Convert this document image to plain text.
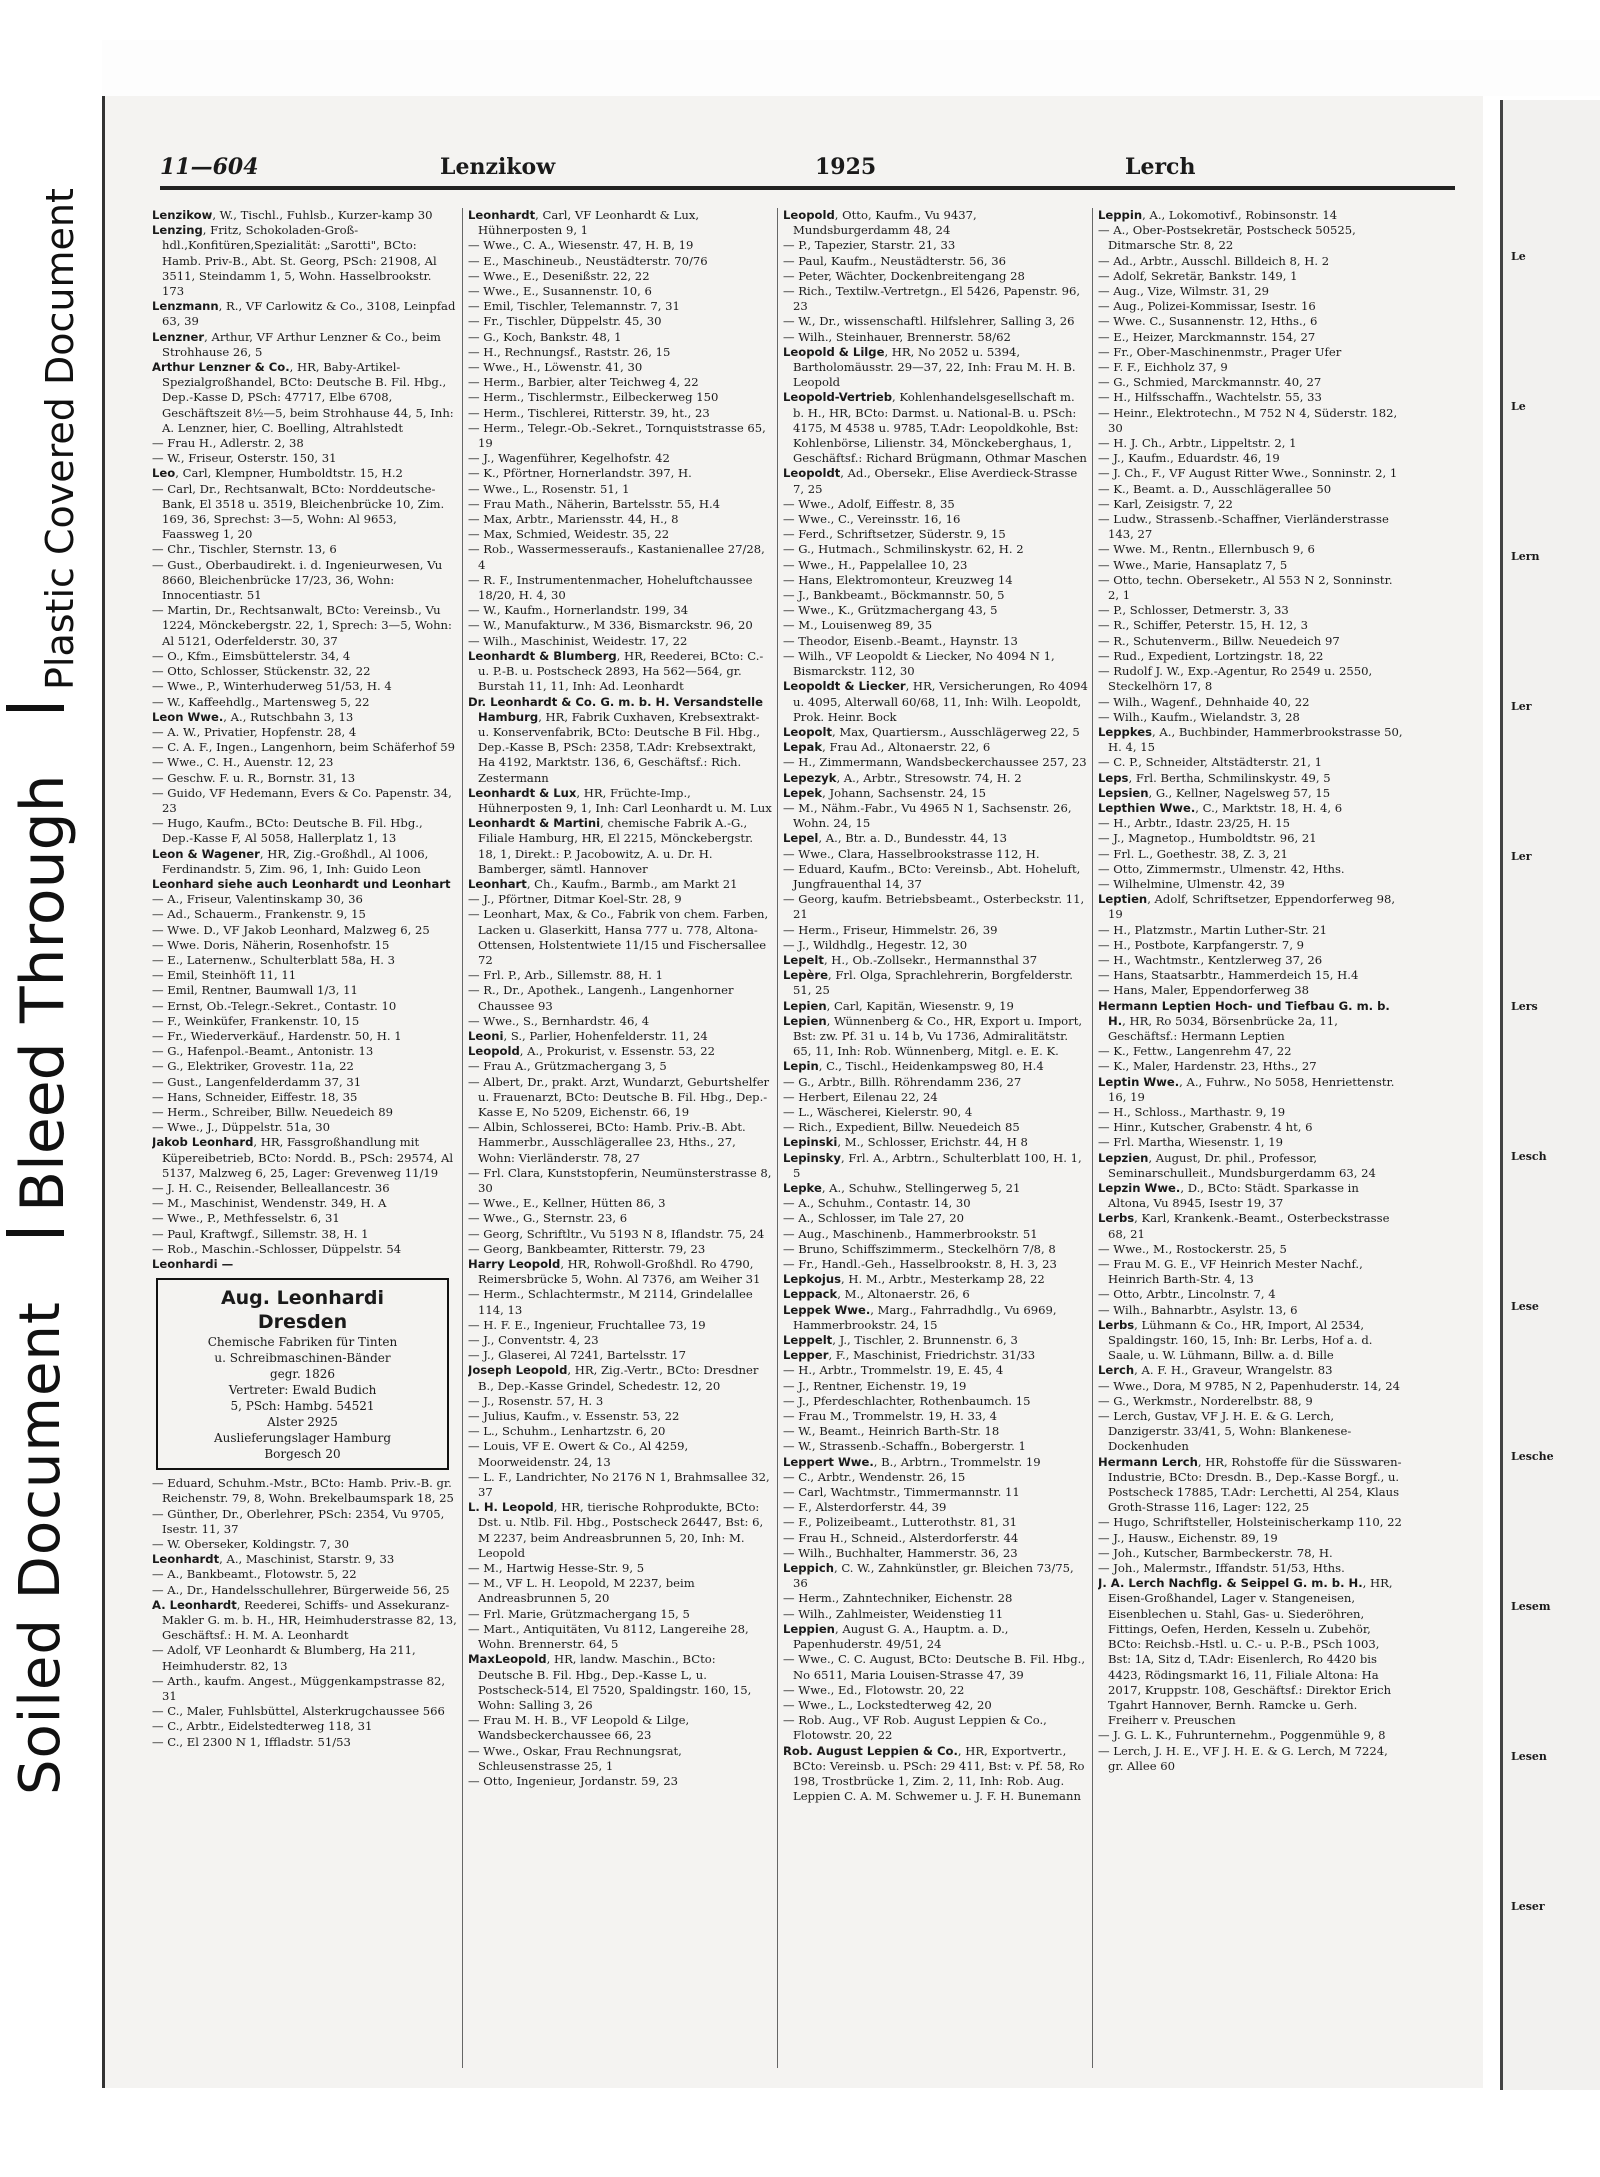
Soiled Document
Bleed Through
Plastic Covered Document
11—604	Lenzikow	1925	Lerch

Lenzikow, W., Tischl., Fuhlsb., Kurzer-kamp 30

Lenzing, Fritz, Schokoladen-Groß-hdl.,Konfitüren,Spezialität: „Sarotti", BCto: Hamb. Priv-B., Abt. St. Georg, PSch: 21908, Al 3511, Steindamm 1, 5, Wohn. Hasselbrookstr. 173

Lenzmann, R., VF Carlowitz & Co., 3108, Leinpfad 63, 39

Lenzner, Arthur, VF Arthur Lenzner & Co., beim Strohhause 26, 5

Arthur Lenzner & Co., HR, Baby-Artikel-Spezialgroßhandel, BCto: Deutsche B. Fil. Hbg., Dep.-Kasse D, PSch: 47717, Elbe 6708, Geschäftszeit 8½—5, beim Strohhause 44, 5, Inh: A. Lenzner, hier, C. Boelling, Altrahlstedt

— Frau H., Adlerstr. 2, 38

— W., Friseur, Osterstr. 150, 31

Leo, Carl, Klempner, Humboldtstr. 15, H.2

— Carl, Dr., Rechtsanwalt, BCto: Norddeutsche-Bank, El 3518 u. 3519, Bleichenbrücke 10, Zim. 169, 36, Sprechst: 3—5, Wohn: Al 9653, Faassweg 1, 20

— Chr., Tischler, Sternstr. 13, 6

— Gust., Oberbaudirekt. i. d. Ingenieurwesen, Vu 8660, Bleichenbrücke 17/23, 36, Wohn: Innocentiastr. 51

— Martin, Dr., Rechtsanwalt, BCto: Vereinsb., Vu 1224, Mönckebergstr. 22, 1, Sprech: 3—5, Wohn: Al 5121, Oderfelderstr. 30, 37

— O., Kfm., Eimsbüttelerstr. 34, 4

— Otto, Schlosser, Stückenstr. 32, 22

— Wwe., P., Winterhuderweg 51/53, H. 4

— W., Kaffeehdlg., Martensweg 5, 22

Leon Wwe., A., Rutschbahn 3, 13

— A. W., Privatier, Hopfenstr. 28, 4

— C. A. F., Ingen., Langenhorn, beim Schäferhof 59

— Wwe., C. H., Auenstr. 12, 23

— Geschw. F. u. R., Bornstr. 31, 13

— Guido, VF Hedemann, Evers & Co. Papenstr. 34, 23

— Hugo, Kaufm., BCto: Deutsche B. Fil. Hbg., Dep.-Kasse F, Al 5058, Hallerplatz 1, 13

Leon & Wagener, HR, Zig.-Großhdl., Al 1006, Ferdinandstr. 5, Zim. 96, 1, Inh: Guido Leon

Leonhard siehe auch Leonhardt und Leonhart

— A., Friseur, Valentinskamp 30, 36

— Ad., Schauerm., Frankenstr. 9, 15

— Wwe. D., VF Jakob Leonhard, Malzweg 6, 25

— Wwe. Doris, Näherin, Rosenhofstr. 15

— E., Laternenw., Schulterblatt 58a, H. 3

— Emil, Steinhöft 11, 11

— Emil, Rentner, Baumwall 1/3, 11

— Ernst, Ob.-Telegr.-Sekret., Contastr. 10

— F., Weinküfer, Frankenstr. 10, 15

— Fr., Wiederverkäuf., Hardenstr. 50, H. 1

— G., Hafenpol.-Beamt., Antonistr. 13

— G., Elektriker, Grovestr. 11a, 22

— Gust., Langenfelderdamm 37, 31

— Hans, Schneider, Eiffestr. 18, 35

— Herm., Schreiber, Billw. Neuedeich 89

— Wwe., J., Düppelstr. 51a, 30

Jakob Leonhard, HR, Fassgroßhandlung mit Küpereibetrieb, BCto: Nordd. B., PSch: 29574, Al 5137, Malzweg 6, 25, Lager: Grevenweg 11/19

— J. H. C., Reisender, Belleallancestr. 36

— M., Maschinist, Wendenstr. 349, H. A

— Wwe., P., Methfesselstr. 6, 31

— Paul, Kraftwgf., Sillemstr. 38, H. 1

— Rob., Maschin.-Schlosser, Düppelstr. 54

Leonhardi —

Aug. Leonhardi
Dresden
Chemische Fabriken für Tinten
u. Schreibmaschinen-Bänder
gegr. 1826
Vertreter: Ewald Budich
5, PSch: Hambg. 54521
Alster 2925
Auslieferungslager Hamburg
Borgesch 20

— Eduard, Schuhm.-Mstr., BCto: Hamb. Priv.-B. gr. Reichenstr. 79, 8, Wohn. Brekelbaumspark 18, 25

— Günther, Dr., Oberlehrer, PSch: 2354, Vu 9705, Isestr. 11, 37

— W. Oberseker, Koldingstr. 7, 30

Leonhardt, A., Maschinist, Starstr. 9, 33

— A., Bankbeamt., Flotowstr. 5, 22

— A., Dr., Handelsschullehrer, Bürgerweide 56, 25

A. Leonhardt, Reederei, Schiffs- und Assekuranz-Makler G. m. b. H., HR, Heimhuderstrasse 82, 13, Geschäftsf.: H. M. A. Leonhardt

— Adolf, VF Leonhardt & Blumberg, Ha 211, Heimhuderstr. 82, 13

— Arth., kaufm. Angest., Müggenkampstrasse 82, 31

— C., Maler, Fuhlsbüttel, Alsterkrugchaussee 566

— C., Arbtr., Eidelstedterweg 118, 31

— C., El 2300 N 1, Iffladstr. 51/53

Leonhardt, Carl, VF Leonhardt & Lux, Hühnerposten 9, 1

— Wwe., C. A., Wiesenstr. 47, H. B, 19

— E., Maschineub., Neustädterstr. 70/76

— Wwe., E., Desenißstr. 22, 22

— Wwe., E., Susannenstr. 10, 6

— Emil, Tischler, Telemannstr. 7, 31

— Fr., Tischler, Düppelstr. 45, 30

— G., Koch, Bankstr. 48, 1

— H., Rechnungsf., Raststr. 26, 15

— Wwe., H., Löwenstr. 41, 30

— Herm., Barbier, alter Teichweg 4, 22

— Herm., Tischlermstr., Eilbeckerweg 150

— Herm., Tischlerei, Ritterstr. 39, ht., 23

— Herm., Telegr.-Ob.-Sekret., Tornquiststrasse 65, 19

— J., Wagenführer, Kegelhofstr. 42

— K., Pförtner, Hornerlandstr. 397, H.

— Wwe., L., Rosenstr. 51, 1

— Frau Math., Näherin, Bartelsstr. 55, H.4

— Max, Arbtr., Mariensstr. 44, H., 8

— Max, Schmied, Weidestr. 35, 22

— Rob., Wassermesseraufs., Kastanienallee 27/28, 4

— R. F., Instrumentenmacher, Hoheluftchaussee 18/20, H. 4, 30

— W., Kaufm., Hornerlandstr. 199, 34

— W., Manufakturw., M 336, Bismarckstr. 96, 20

— Wilh., Maschinist, Weidestr. 17, 22

Leonhardt & Blumberg, HR, Reederei, BCto: C.- u. P.-B. u. Postscheck 2893, Ha 562—564, gr. Burstah 11, 11, Inh: Ad. Leonhardt

Dr. Leonhardt & Co. G. m. b. H. Versandstelle Hamburg, HR, Fabrik Cuxhaven, Krebsextrakt- u. Konservenfabrik, BCto: Deutsche B Fil. Hbg., Dep.-Kasse B, PSch: 2358, T.Adr: Krebsextrakt, Ha 4192, Marktstr. 136, 6, Geschäftsf.: Rich. Zestermann

Leonhardt & Lux, HR, Früchte-Imp., Hühnerposten 9, 1, Inh: Carl Leonhardt u. M. Lux

Leonhardt & Martini, chemische Fabrik A.-G., Filiale Hamburg, HR, El 2215, Mönckebergstr. 18, 1, Direkt.: P. Jacobowitz, A. u. Dr. H. Bamberger, sämtl. Hannover

Leonhart, Ch., Kaufm., Barmb., am Markt 21

— J., Pförtner, Ditmar Koel-Str. 28, 9

— Leonhart, Max, & Co., Fabrik von chem. Farben, Lacken u. Glaserkitt, Hansa 777 u. 778, Altona-Ottensen, Holstentwiete 11/15 und Fischersallee 72

— Frl. P., Arb., Sillemstr. 88, H. 1

— R., Dr., Apothek., Langenh., Langenhorner Chaussee 93

— Wwe., S., Bernhardstr. 46, 4

Leoni, S., Parlier, Hohenfelderstr. 11, 24

Leopold, A., Prokurist, v. Essenstr. 53, 22

— Frau A., Grützmachergang 3, 5

— Albert, Dr., prakt. Arzt, Wundarzt, Geburtshelfer u. Frauenarzt, BCto: Deutsche B. Fil. Hbg., Dep.-Kasse E, No 5209, Eichenstr. 66, 19

— Albin, Schlosserei, BCto: Hamb. Priv.-B. Abt. Hammerbr., Ausschlägerallee 23, Hths., 27, Wohn: Vierländerstr. 78, 27

— Frl. Clara, Kunststopferin, Neumünsterstrasse 8, 30

— Wwe., E., Kellner, Hütten 86, 3

— Wwe., G., Sternstr. 23, 6

— Georg, Schriftltr., Vu 5193 N 8, Iflandstr. 75, 24

— Georg, Bankbeamter, Ritterstr. 79, 23

Harry Leopold, HR, Rohwoll-Großhdl. Ro 4790, Reimersbrücke 5, Wohn. Al 7376, am Weiher 31

— Herm., Schlachtermstr., M 2114, Grindelallee 114, 13

— H. F. E., Ingenieur, Fruchtallee 73, 19

— J., Conventstr. 4, 23

— J., Glaserei, Al 7241, Bartelsstr. 17

Joseph Leopold, HR, Zig.-Vertr., BCto: Dresdner B., Dep.-Kasse Grindel, Schedestr. 12, 20

— J., Rosenstr. 57, H. 3

— Julius, Kaufm., v. Essenstr. 53, 22

— L., Schuhm., Lenhartzstr. 6, 20

— Louis, VF E. Owert & Co., Al 4259, Moorweidenstr. 24, 13

— L. F., Landrichter, No 2176 N 1, Brahmsallee 32, 37

L. H. Leopold, HR, tierische Rohprodukte, BCto: Dst. u. Ntlb. Fil. Hbg., Postscheck 26447, Bst: 6, M 2237, beim Andreasbrunnen 5, 20, Inh: M. Leopold

— M., Hartwig Hesse-Str. 9, 5

— M., VF L. H. Leopold, M 2237, beim Andreasbrunnen 5, 20

— Frl. Marie, Grützmachergang 15, 5

— Mart., Antiquitäten, Vu 8112, Langereihe 28, Wohn. Brennerstr. 64, 5

MaxLeopold, HR, landw. Maschin., BCto: Deutsche B. Fil. Hbg., Dep.-Kasse L, u. Postscheck-514, El 7520, Spaldingstr. 160, 15, Wohn: Salling 3, 26

— Frau M. H. B., VF Leopold & Lilge, Wandsbeckerchaussee 66, 23

— Wwe., Oskar, Frau Rechnungsrat, Schleusenstrasse 25, 1

— Otto, Ingenieur, Jordanstr. 59, 23

Leopold, Otto, Kaufm., Vu 9437, Mundsburgerdamm 48, 24

— P., Tapezier, Starstr. 21, 33

— Paul, Kaufm., Neustädterstr. 56, 36

— Peter, Wächter, Dockenbreitengang 28

— Rich., Textilw.-Vertretgn., El 5426, Papenstr. 96, 23

— W., Dr., wissenschaftl. Hilfslehrer, Salling 3, 26

— Wilh., Steinhauer, Brennerstr. 58/62

Leopold & Lilge, HR, No 2052 u. 5394, Bartholomäusstr. 29—37, 22, Inh: Frau M. H. B. Leopold

Leopold-Vertrieb, Kohlenhandelsgesellschaft m. b. H., HR, BCto: Darmst. u. National-B. u. PSch: 4175, M 4538 u. 9785, T.Adr: Leopoldkohle, Bst: Kohlenbörse, Lilienstr. 34, Mönckeberghaus, 1, Geschäftsf.: Richard Brügmann, Othmar Maschen

Leopoldt, Ad., Obersekr., Elise Averdieck-Strasse 7, 25

— Wwe., Adolf, Eiffestr. 8, 35

— Wwe., C., Vereinsstr. 16, 16

— Ferd., Schriftsetzer, Süderstr. 9, 15

— G., Hutmach., Schmilinskystr. 62, H. 2

— Wwe., H., Pappelallee 10, 23

— Hans, Elektromonteur, Kreuzweg 14

— J., Bankbeamt., Böckmannstr. 50, 5

— Wwe., K., Grützmachergang 43, 5

— M., Louisenweg 89, 35

— Theodor, Eisenb.-Beamt., Haynstr. 13

— Wilh., VF Leopoldt & Liecker, No 4094 N 1, Bismarckstr. 112, 30

Leopoldt & Liecker, HR, Versicherungen, Ro 4094 u. 4095, Alterwall 60/68, 11, Inh: Wilh. Leopoldt, Prok. Heinr. Bock

Leopolt, Max, Quartiersm., Ausschlägerweg 22, 5

Lepak, Frau Ad., Altonaerstr. 22, 6

— H., Zimmermann, Wandsbeckerchaussee 257, 23

Lepezyk, A., Arbtr., Stresowstr. 74, H. 2

Lepek, Johann, Sachsenstr. 24, 15

— M., Nähm.-Fabr., Vu 4965 N 1, Sachsenstr. 26, Wohn. 24, 15

Lepel, A., Btr. a. D., Bundesstr. 44, 13

— Wwe., Clara, Hasselbrookstrasse 112, H.

— Eduard, Kaufm., BCto: Vereinsb., Abt. Hoheluft, Jungfrauenthal 14, 37

— Georg, kaufm. Betriebsbeamt., Osterbeckstr. 11, 21

— Herm., Friseur, Himmelstr. 26, 39

— J., Wildhdlg., Hegestr. 12, 30

Lepelt, H., Ob.-Zollsekr., Hermannsthal 37

Lepère, Frl. Olga, Sprachlehrerin, Borgfelderstr. 51, 25

Lepien, Carl, Kapitän, Wiesenstr. 9, 19

Lepien, Wünnenberg & Co., HR, Export u. Import, Bst: zw. Pf. 31 u. 14 b, Vu 1736, Admiralitätstr. 65, 11, Inh: Rob. Wünnenberg, Mitgl. e. E. K.

Lepin, C., Tischl., Heidenkampsweg 80, H.4

— G., Arbtr., Billh. Röhrendamm 236, 27

— Herbert, Eilenau 22, 24

— L., Wäscherei, Kielerstr. 90, 4

— Rich., Expedient, Billw. Neuedeich 85

Lepinski, M., Schlosser, Erichstr. 44, H 8

Lepinsky, Frl. A., Arbtrn., Schulterblatt 100, H. 1, 5

Lepke, A., Schuhw., Stellingerweg 5, 21

— A., Schuhm., Contastr. 14, 30

— A., Schlosser, im Tale 27, 20

— Aug., Maschinenb., Hammerbrookstr. 51

— Bruno, Schiffszimmerm., Steckelhörn 7/8, 8

— Fr., Handl.-Geh., Hasselbrookstr. 8, H. 3, 23

Lepkojus, H. M., Arbtr., Mesterkamp 28, 22

Leppack, M., Altonaerstr. 26, 6

Leppek Wwe., Marg., Fahrradhdlg., Vu 6969, Hammerbrookstr. 24, 15

Leppelt, J., Tischler, 2. Brunnenstr. 6, 3

Lepper, F., Maschinist, Friedrichstr. 31/33

— H., Arbtr., Trommelstr. 19, E. 45, 4

— J., Rentner, Eichenstr. 19, 19

— J., Pferdeschlachter, Rothenbaumch. 15

— Frau M., Trommelstr. 19, H. 33, 4

— W., Beamt., Heinrich Barth-Str. 18

— W., Strassenb.-Schaffn., Bobergerstr. 1

Leppert Wwe., B., Arbtrn., Trommelstr. 19

— C., Arbtr., Wendenstr. 26, 15

— Carl, Wachtmstr., Timmermannstr. 11

— F., Alsterdorferstr. 44, 39

— F., Polizeibeamt., Lutterothstr. 81, 31

— Frau H., Schneid., Alsterdorferstr. 44

— Wilh., Buchhalter, Hammerstr. 36, 23

Leppich, C. W., Zahnkünstler, gr. Bleichen 73/75, 36

— Herm., Zahntechniker, Eichenstr. 28

— Wilh., Zahlmeister, Weidenstieg 11

Leppien, August G. A., Hauptm. a. D., Papenhuderstr. 49/51, 24

— Wwe., C. C. August, BCto: Deutsche B. Fil. Hbg., No 6511, Maria Louisen-Strasse 47, 39

— Wwe., Ed., Flotowstr. 20, 22

— Wwe., L., Lockstedterweg 42, 20

— Rob. Aug., VF Rob. August Leppien & Co., Flotowstr. 20, 22

Rob. August Leppien & Co., HR, Exportvertr., BCto: Vereinsb. u. PSch: 29 411, Bst: v. Pf. 58, Ro 198, Trostbrücke 1, Zim. 2, 11, Inh: Rob. Aug. Leppien C. A. M. Schwemer u. J. F. H. Bunemann

Leppin, A., Lokomotivf., Robinsonstr. 14

— A., Ober-Postsekretär, Postscheck 50525, Ditmarsche Str. 8, 22

— Ad., Arbtr., Ausschl. Billdeich 8, H. 2

— Adolf, Sekretär, Bankstr. 149, 1

— Aug., Vize, Wilmstr. 31, 29

— Aug., Polizei-Kommissar, Isestr. 16

— Wwe. C., Susannenstr. 12, Hths., 6

— E., Heizer, Marckmannstr. 154, 27

— Fr., Ober-Maschinenmstr., Prager Ufer

— F. F., Eichholz 37, 9

— G., Schmied, Marckmannstr. 40, 27

— H., Hilfsschaffn., Wachtelstr. 55, 33

— Heinr., Elektrotechn., M 752 N 4, Süderstr. 182, 30

— H. J. Ch., Arbtr., Lippeltstr. 2, 1

— J., Kaufm., Eduardstr. 46, 19

— J. Ch., F., VF August Ritter Wwe., Sonninstr. 2, 1

— K., Beamt. a. D., Ausschlägerallee 50

— Karl, Zeisigstr. 7, 22

— Ludw., Strassenb.-Schaffner, Vierländerstrasse 143, 27

— Wwe. M., Rentn., Ellernbusch 9, 6

— Wwe., Marie, Hansaplatz 7, 5

— Otto, techn. Oberseketr., Al 553 N 2, Sonninstr. 2, 1

— P., Schlosser, Detmerstr. 3, 33

— R., Schiffer, Peterstr. 15, H. 12, 3

— R., Schutenverm., Billw. Neuedeich 97

— Rud., Expedient, Lortzingstr. 18, 22

— Rudolf J. W., Exp.-Agentur, Ro 2549 u. 2550, Steckelhörn 17, 8

— Wilh., Wagenf., Dehnhaide 40, 22

— Wilh., Kaufm., Wielandstr. 3, 28

Leppkes, A., Buchbinder, Hammerbrookstrasse 50, H. 4, 15

— C. P., Schneider, Altstädterstr. 21, 1

Leps, Frl. Bertha, Schmilinskystr. 49, 5

Lepsien, G., Kellner, Nagelsweg 57, 15

Lepthien Wwe., C., Marktstr. 18, H. 4, 6

— H., Arbtr., Idastr. 23/25, H. 15

— J., Magnetop., Humboldtstr. 96, 21

— Frl. L., Goethestr. 38, Z. 3, 21

— Otto, Zimmermstr., Ulmenstr. 42, Hths.

— Wilhelmine, Ulmenstr. 42, 39

Leptien, Adolf, Schriftsetzer, Eppendorferweg 98, 19

— H., Platzmstr., Martin Luther-Str. 21

— H., Postbote, Karpfangerstr. 7, 9

— H., Wachtmstr., Kentzlerweg 37, 26

— Hans, Staatsarbtr., Hammerdeich 15, H.4

— Hans, Maler, Eppendorferweg 38

Hermann Leptien Hoch- und Tiefbau G. m. b. H., HR, Ro 5034, Börsenbrücke 2a, 11, Geschäftsf.: Hermann Leptien

— K., Fettw., Langenrehm 47, 22

— K., Maler, Hardenstr. 23, Hths., 27

Leptin Wwe., A., Fuhrw., No 5058, Henriettenstr. 16, 19

— H., Schloss., Marthastr. 9, 19

— Hinr., Kutscher, Grabenstr. 4 ht, 6

— Frl. Martha, Wiesenstr. 1, 19

Lepzien, August, Dr. phil., Professor, Seminarschulleit., Mundsburgerdamm 63, 24

Lepzin Wwe., D., BCto: Städt. Sparkasse in Altona, Vu 8945, Isestr 19, 37

Lerbs, Karl, Krankenk.-Beamt., Osterbeckstrasse 68, 21

— Wwe., M., Rostockerstr. 25, 5

— Frau M. G. E., VF Heinrich Mester Nachf., Heinrich Barth-Str. 4, 13

— Otto, Arbtr., Lincolnstr. 7, 4

— Wilh., Bahnarbtr., Asylstr. 13, 6

Lerbs, Lühmann & Co., HR, Import, Al 2534, Spaldingstr. 160, 15, Inh: Br. Lerbs, Hof a. d. Saale, u. W. Lühmann, Billw. a. d. Bille

Lerch, A. F. H., Graveur, Wrangelstr. 83

— Wwe., Dora, M 9785, N 2, Papenhuderstr. 14, 24

— G., Werkmstr., Norderelbstr. 88, 9

— Lerch, Gustav, VF J. H. E. & G. Lerch, Danzigerstr. 33/41, 5, Wohn: Blankenese-Dockenhuden

Hermann Lerch, HR, Rohstoffe für die Süsswaren-Industrie, BCto: Dresdn. B., Dep.-Kasse Borgf., u. Postscheck 17885, T.Adr: Lerchetti, Al 254, Klaus Groth-Strasse 116, Lager: 122, 25

— Hugo, Schriftsteller, Holsteinischerkamp 110, 22

— J., Hausw., Eichenstr. 89, 19

— Joh., Kutscher, Barmbeckerstr. 78, H.

— Joh., Malermstr., Iffandstr. 51/53, Hths.

J. A. Lerch Nachflg. & Seippel G. m. b. H., HR, Eisen-Großhandel, Lager v. Stangeneisen, Eisenblechen u. Stahl, Gas- u. Siederöhren, Fittings, Oefen, Herden, Kesseln u. Zubehör, BCto: Reichsb.-Hstl. u. C.- u. P.-B., PSch 1003, Bst: 1A, Sitz d, T.Adr: Eisenlerch, Ro 4420 bis 4423, Rödingsmarkt 16, 11, Filiale Altona: Ha 2017, Kruppstr. 108, Geschäftsf.: Direktor Erich Tgahrt Hannover, Bernh. Ramcke u. Gerh. Freiherr v. Preuschen

— J. G. L. K., Fuhrunternehm., Poggenmühle 9, 8

— Lerch, J. H. E., VF J. H. E. & G. Lerch, M 7224, gr. Allee 60

Le
Le
Lern
Ler
Ler
Lers
Lesch
Lese
Lesche
Lesem
Lesen
Leser
